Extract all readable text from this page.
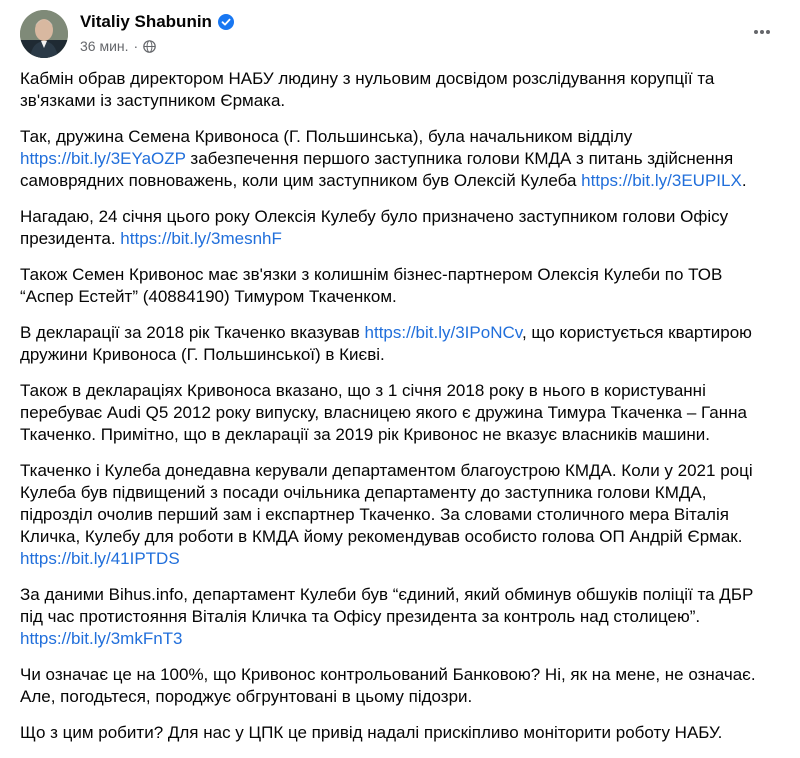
Vitaliy Shabunin
36 мин. ·

Кабмін обрав директором НАБУ людину з нульовим досвідом розслідування корупції та зв'язками із заступником Єрмака.

Так, дружина Семена Кривоноса (Г. Польшинська), була начальником відділу https://bit.ly/3EYaOZP забезпечення першого заступника голови КМДА з питань здійснення самоврядних повноважень, коли цим заступником був Олексій Кулеба https://bit.ly/3EUPILX.

Нагадаю, 24 січня цього року Олексія Кулебу було призначено заступником голови Офісу президента. https://bit.ly/3mesnhF

Також Семен Кривонос має зв'язки з колишнім бізнес-партнером Олексія Кулеби по ТОВ “Аспер Естейт” (40884190) Тимуром Ткаченком.

В декларації за 2018 рік Ткаченко вказував https://bit.ly/3IPoNCv, що користується квартирою дружини Кривоноса (Г. Польшинської) в Києві.

Також в деклараціях Кривоноса вказано, що з 1 січня 2018 року в нього в користуванні перебуває Audi Q5 2012 року випуску, власницею якого є дружина Тимура Ткаченка – Ганна Ткаченко. Примітно, що в декларації за 2019 рік Кривонос не вказує власників машини.

Ткаченко і Кулеба донедавна керували департаментом благоустрою КМДА. Коли у 2021 році Кулеба був підвищений з посади очільника департаменту до заступника голови КМДА, підрозділ очолив перший зам і експартнер Ткаченко. За словами столичного мера Віталія Кличка, Кулебу для роботи в КМДА йому рекомендував особисто голова ОП Андрій Єрмак. https://bit.ly/41IPTDS

За даними Bihus.info, департамент Кулеби був “єдиний, який обминув обшуків поліції та ДБР під час протистояння Віталія Кличка та Офісу президента за контроль над столицею”. https://bit.ly/3mkFnT3

Чи означає це на 100%, що Кривонос контрольований Банковою? Ні, як на мене, не означає. Але, погодьтеся, породжує обгрунтовані в цьому підозри.

Що з цим робити? Для нас у ЦПК це привід надалі прискіпливо моніторити роботу НАБУ.
